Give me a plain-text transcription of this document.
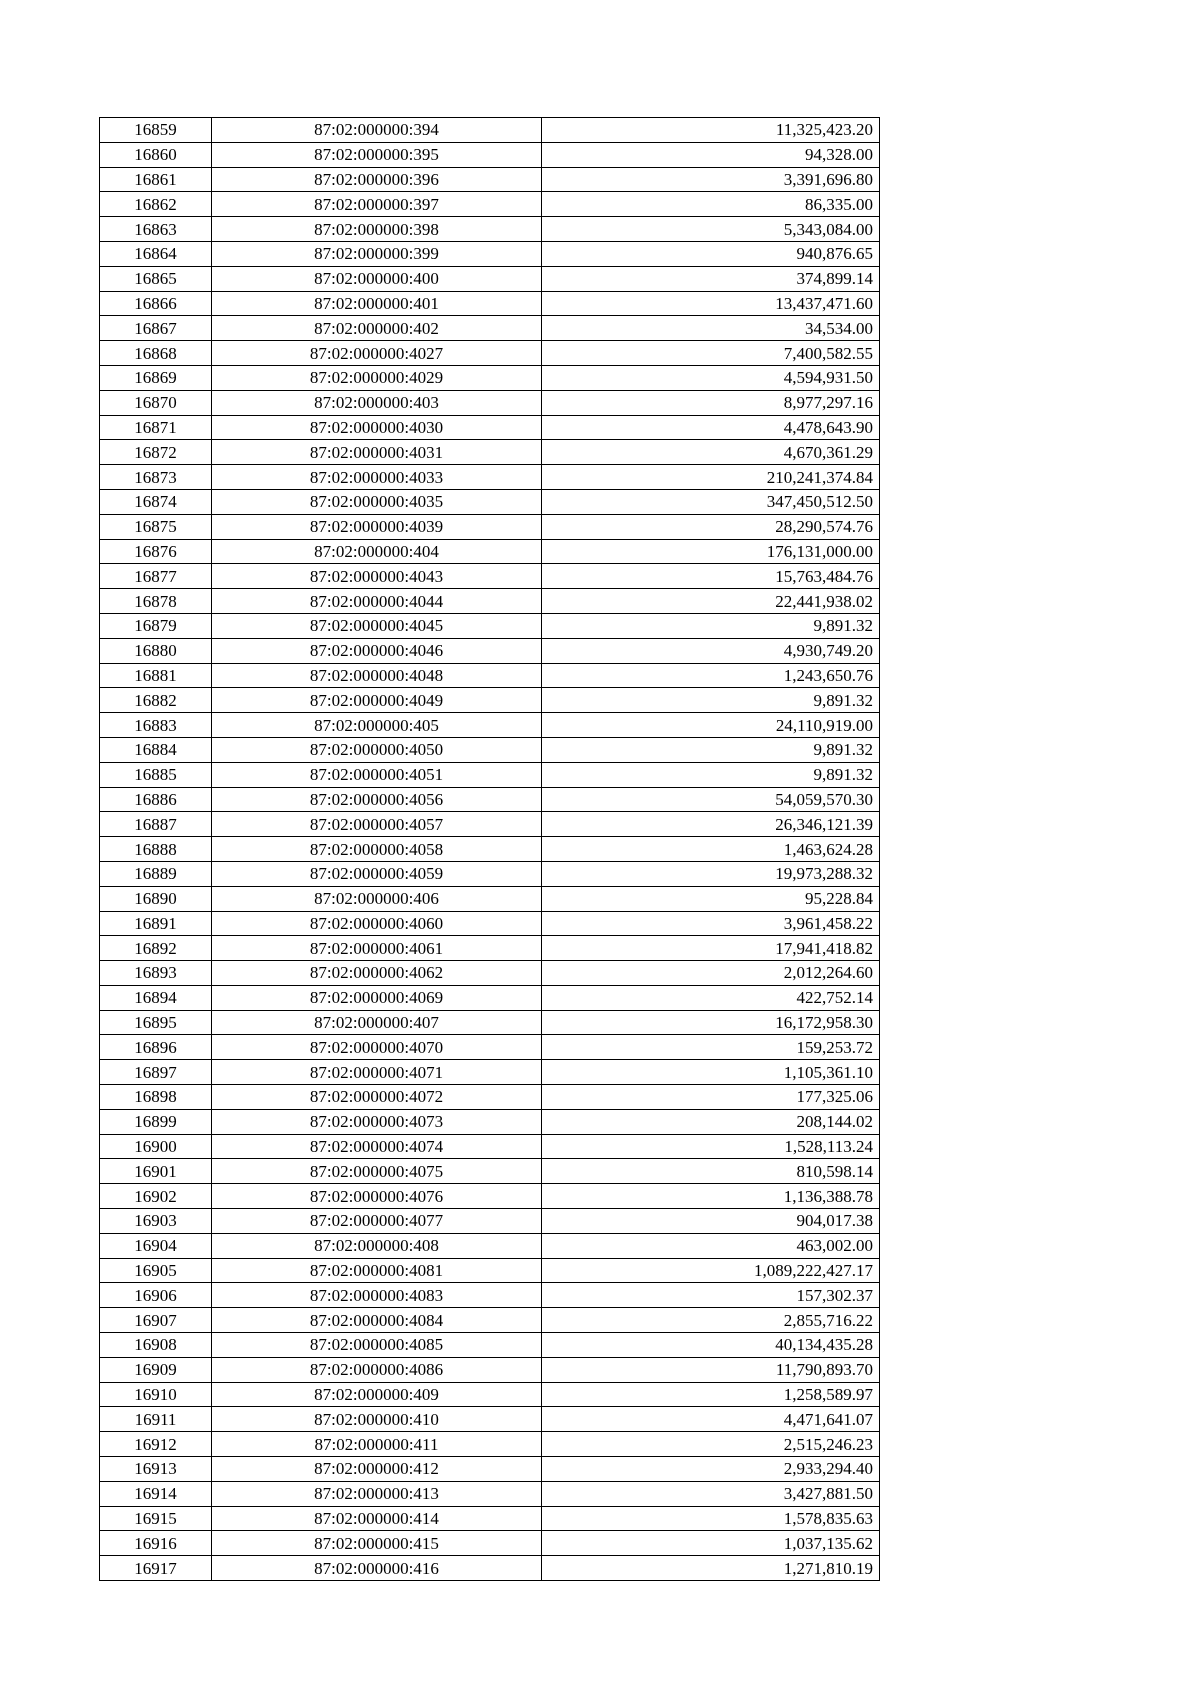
16859	87:02:000000:394	11,325,423.20
16860	87:02:000000:395	94,328.00
16861	87:02:000000:396	3,391,696.80
16862	87:02:000000:397	86,335.00
16863	87:02:000000:398	5,343,084.00
16864	87:02:000000:399	940,876.65
16865	87:02:000000:400	374,899.14
16866	87:02:000000:401	13,437,471.60
16867	87:02:000000:402	34,534.00
16868	87:02:000000:4027	7,400,582.55
16869	87:02:000000:4029	4,594,931.50
16870	87:02:000000:403	8,977,297.16
16871	87:02:000000:4030	4,478,643.90
16872	87:02:000000:4031	4,670,361.29
16873	87:02:000000:4033	210,241,374.84
16874	87:02:000000:4035	347,450,512.50
16875	87:02:000000:4039	28,290,574.76
16876	87:02:000000:404	176,131,000.00
16877	87:02:000000:4043	15,763,484.76
16878	87:02:000000:4044	22,441,938.02
16879	87:02:000000:4045	9,891.32
16880	87:02:000000:4046	4,930,749.20
16881	87:02:000000:4048	1,243,650.76
16882	87:02:000000:4049	9,891.32
16883	87:02:000000:405	24,110,919.00
16884	87:02:000000:4050	9,891.32
16885	87:02:000000:4051	9,891.32
16886	87:02:000000:4056	54,059,570.30
16887	87:02:000000:4057	26,346,121.39
16888	87:02:000000:4058	1,463,624.28
16889	87:02:000000:4059	19,973,288.32
16890	87:02:000000:406	95,228.84
16891	87:02:000000:4060	3,961,458.22
16892	87:02:000000:4061	17,941,418.82
16893	87:02:000000:4062	2,012,264.60
16894	87:02:000000:4069	422,752.14
16895	87:02:000000:407	16,172,958.30
16896	87:02:000000:4070	159,253.72
16897	87:02:000000:4071	1,105,361.10
16898	87:02:000000:4072	177,325.06
16899	87:02:000000:4073	208,144.02
16900	87:02:000000:4074	1,528,113.24
16901	87:02:000000:4075	810,598.14
16902	87:02:000000:4076	1,136,388.78
16903	87:02:000000:4077	904,017.38
16904	87:02:000000:408	463,002.00
16905	87:02:000000:4081	1,089,222,427.17
16906	87:02:000000:4083	157,302.37
16907	87:02:000000:4084	2,855,716.22
16908	87:02:000000:4085	40,134,435.28
16909	87:02:000000:4086	11,790,893.70
16910	87:02:000000:409	1,258,589.97
16911	87:02:000000:410	4,471,641.07
16912	87:02:000000:411	2,515,246.23
16913	87:02:000000:412	2,933,294.40
16914	87:02:000000:413	3,427,881.50
16915	87:02:000000:414	1,578,835.63
16916	87:02:000000:415	1,037,135.62
16917	87:02:000000:416	1,271,810.19
